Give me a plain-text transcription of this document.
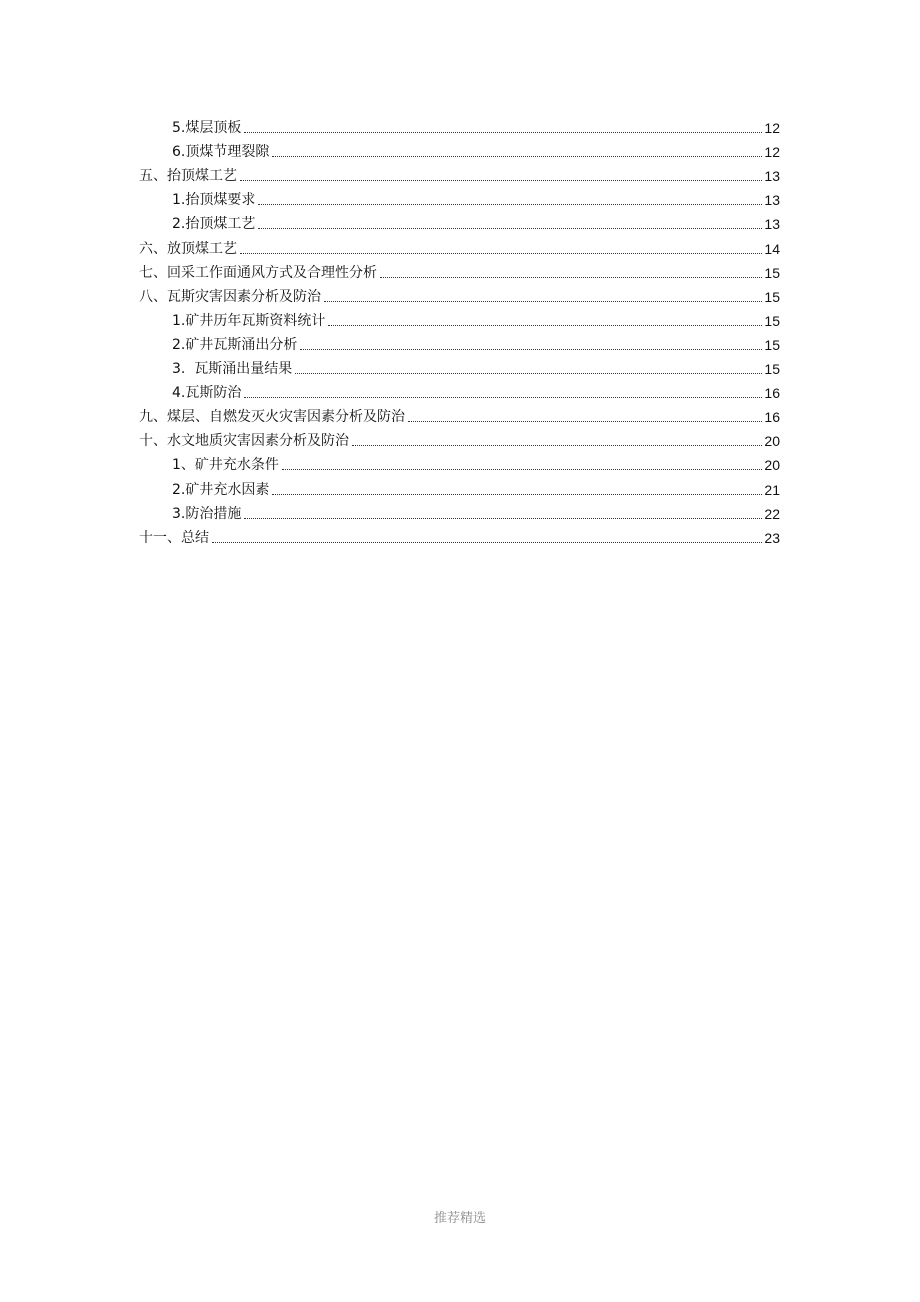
5.煤层顶板	12
6.顶煤节理裂隙	12
五、抬顶煤工艺	13
1.抬顶煤要求	13
2.抬顶煤工艺	13
六、放顶煤工艺	14
七、回采工作面通风方式及合理性分析	15
八、瓦斯灾害因素分析及防治	15
1.矿井历年瓦斯资料统计	15
2.矿井瓦斯涌出分析	15
3.  瓦斯涌出量结果	15
4.瓦斯防治	16
九、煤层、自燃发灭火灾害因素分析及防治	16
十、水文地质灾害因素分析及防治	20
1、矿井充水条件	20
2.矿井充水因素	21
3.防治措施	22
十一、总结	23
推荐精选
